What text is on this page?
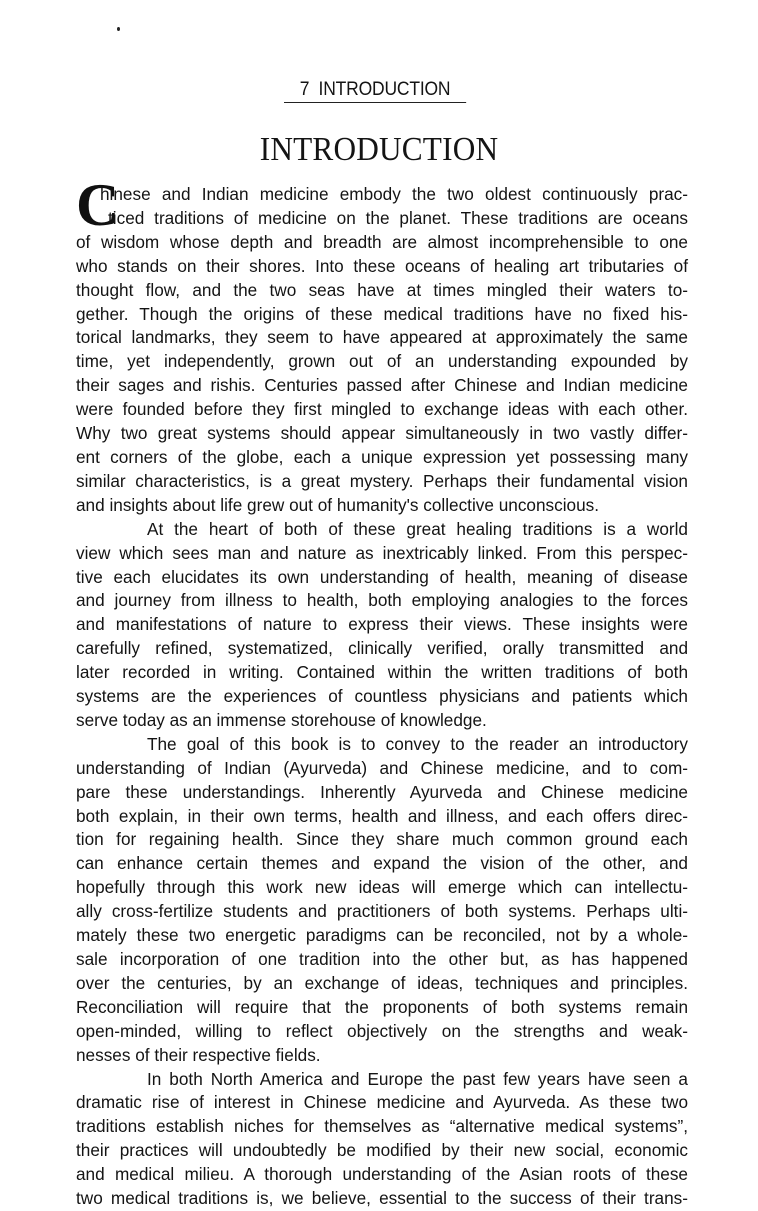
7 INTRODUCTION
INTRODUCTION
C
hinese and Indian medicine embody the two oldest continuously prac-
ticed traditions of medicine on the planet. These traditions are oceans
of wisdom whose depth and breadth are almost incomprehensible to one
who stands on their shores. Into these oceans of healing art tributaries of
thought flow, and the two seas have at times mingled their waters to-
gether. Though the origins of these medical traditions have no fixed his-
torical landmarks, they seem to have appeared at approximately the same
time, yet independently, grown out of an understanding expounded by
their sages and rishis. Centuries passed after Chinese and Indian medicine
were founded before they first mingled to exchange ideas with each other.
Why two great systems should appear simultaneously in two vastly differ-
ent corners of the globe, each a unique expression yet possessing many
similar characteristics, is a great mystery. Perhaps their fundamental vision
and insights about life grew out of humanity's collective unconscious.
At the heart of both of these great healing traditions is a world
view which sees man and nature as inextricably linked. From this perspec-
tive each elucidates its own understanding of health, meaning of disease
and journey from illness to health, both employing analogies to the forces
and manifestations of nature to express their views. These insights were
carefully refined, systematized, clinically verified, orally transmitted and
later recorded in writing. Contained within the written traditions of both
systems are the experiences of countless physicians and patients which
serve today as an immense storehouse of knowledge.
The goal of this book is to convey to the reader an introductory
understanding of Indian (Ayurveda) and Chinese medicine, and to com-
pare these understandings. Inherently Ayurveda and Chinese medicine
both explain, in their own terms, health and illness, and each offers direc-
tion for regaining health. Since they share much common ground each
can enhance certain themes and expand the vision of the other, and
hopefully through this work new ideas will emerge which can intellectu-
ally cross-fertilize students and practitioners of both systems. Perhaps ulti-
mately these two energetic paradigms can be reconciled, not by a whole-
sale incorporation of one tradition into the other but, as has happened
over the centuries, by an exchange of ideas, techniques and principles.
Reconciliation will require that the proponents of both systems remain
open-minded, willing to reflect objectively on the strengths and weak-
nesses of their respective fields.
In both North America and Europe the past few years have seen a
dramatic rise of interest in Chinese medicine and Ayurveda. As these two
traditions establish niches for themselves as “alternative medical systems”,
their practices will undoubtedly be modified by their new social, economic
and medical milieu. A thorough understanding of the Asian roots of these
two medical traditions is, we believe, essential to the success of their trans-
